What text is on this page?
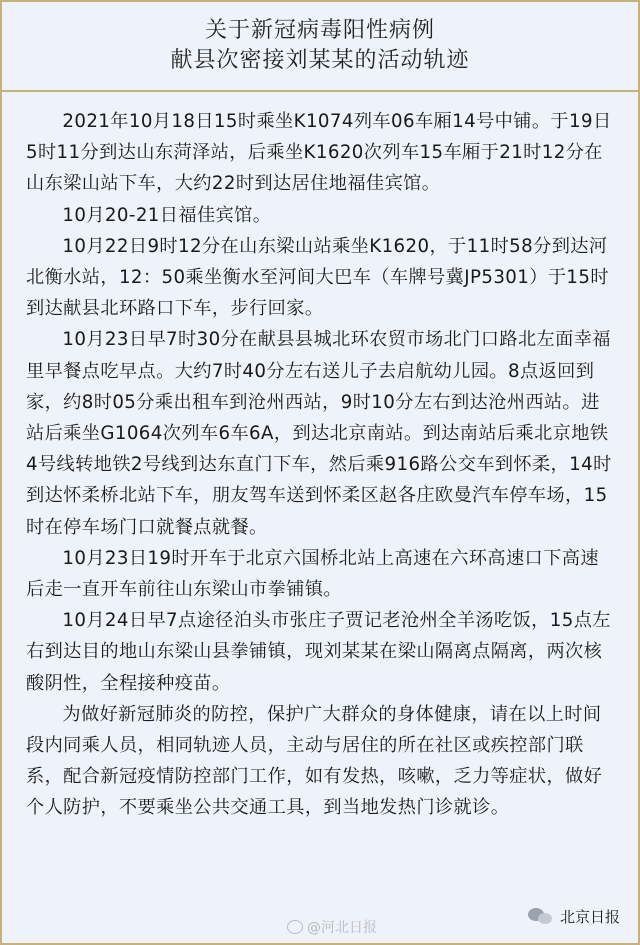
关于新冠病毒阳性病例
献县次密接刘某某的活动轨迹

2021年10月18日15时乘坐K1074列车06车厢14号中铺。于19日5时11分到达山东菏泽站，后乘坐K1620次列车15车厢于21时12分在山东梁山站下车，大约22时到达居住地福佳宾馆。

10月20-21日福佳宾馆。

10月22日9时12分在山东梁山站乘坐K1620，于11时58分到达河北衡水站，12：50乘坐衡水至河间大巴车（车牌号冀JP5301）于15时到达献县北环路口下车，步行回家。

10月23日早7时30分在献县县城北环农贸市场北门口路北左面幸福里早餐点吃早点。大约7时40分左右送儿子去启航幼儿园。8点返回到家，约8时05分乘出租车到沧州西站，9时10分左右到达沧州西站。进站后乘坐G1064次列车6车6A，到达北京南站。到达南站后乘北京地铁4号线转地铁2号线到达东直门下车，然后乘916路公交车到怀柔，14时到达怀柔桥北站下车，朋友驾车送到怀柔区赵各庄欧曼汽车停车场，15时在停车场门口就餐点就餐。

10月23日19时开车于北京六国桥北站上高速在六环高速口下高速后走一直开车前往山东梁山市拳铺镇。

10月24日早7点途径泊头市张庄子贾记老沧州全羊汤吃饭，15点左右到达目的地山东梁山县拳铺镇，现刘某某在梁山隔离点隔离，两次核酸阴性，全程接种疫苗。

为做好新冠肺炎的防控，保护广大群众的身体健康，请在以上时间段内同乘人员，相同轨迹人员，主动与居住的所在社区或疾控部门联系，配合新冠疫情防控部门工作，如有发热，咳嗽，乏力等症状，做好个人防护，不要乘坐公共交通工具，到当地发热门诊就诊。

@河北日报
北京日报
